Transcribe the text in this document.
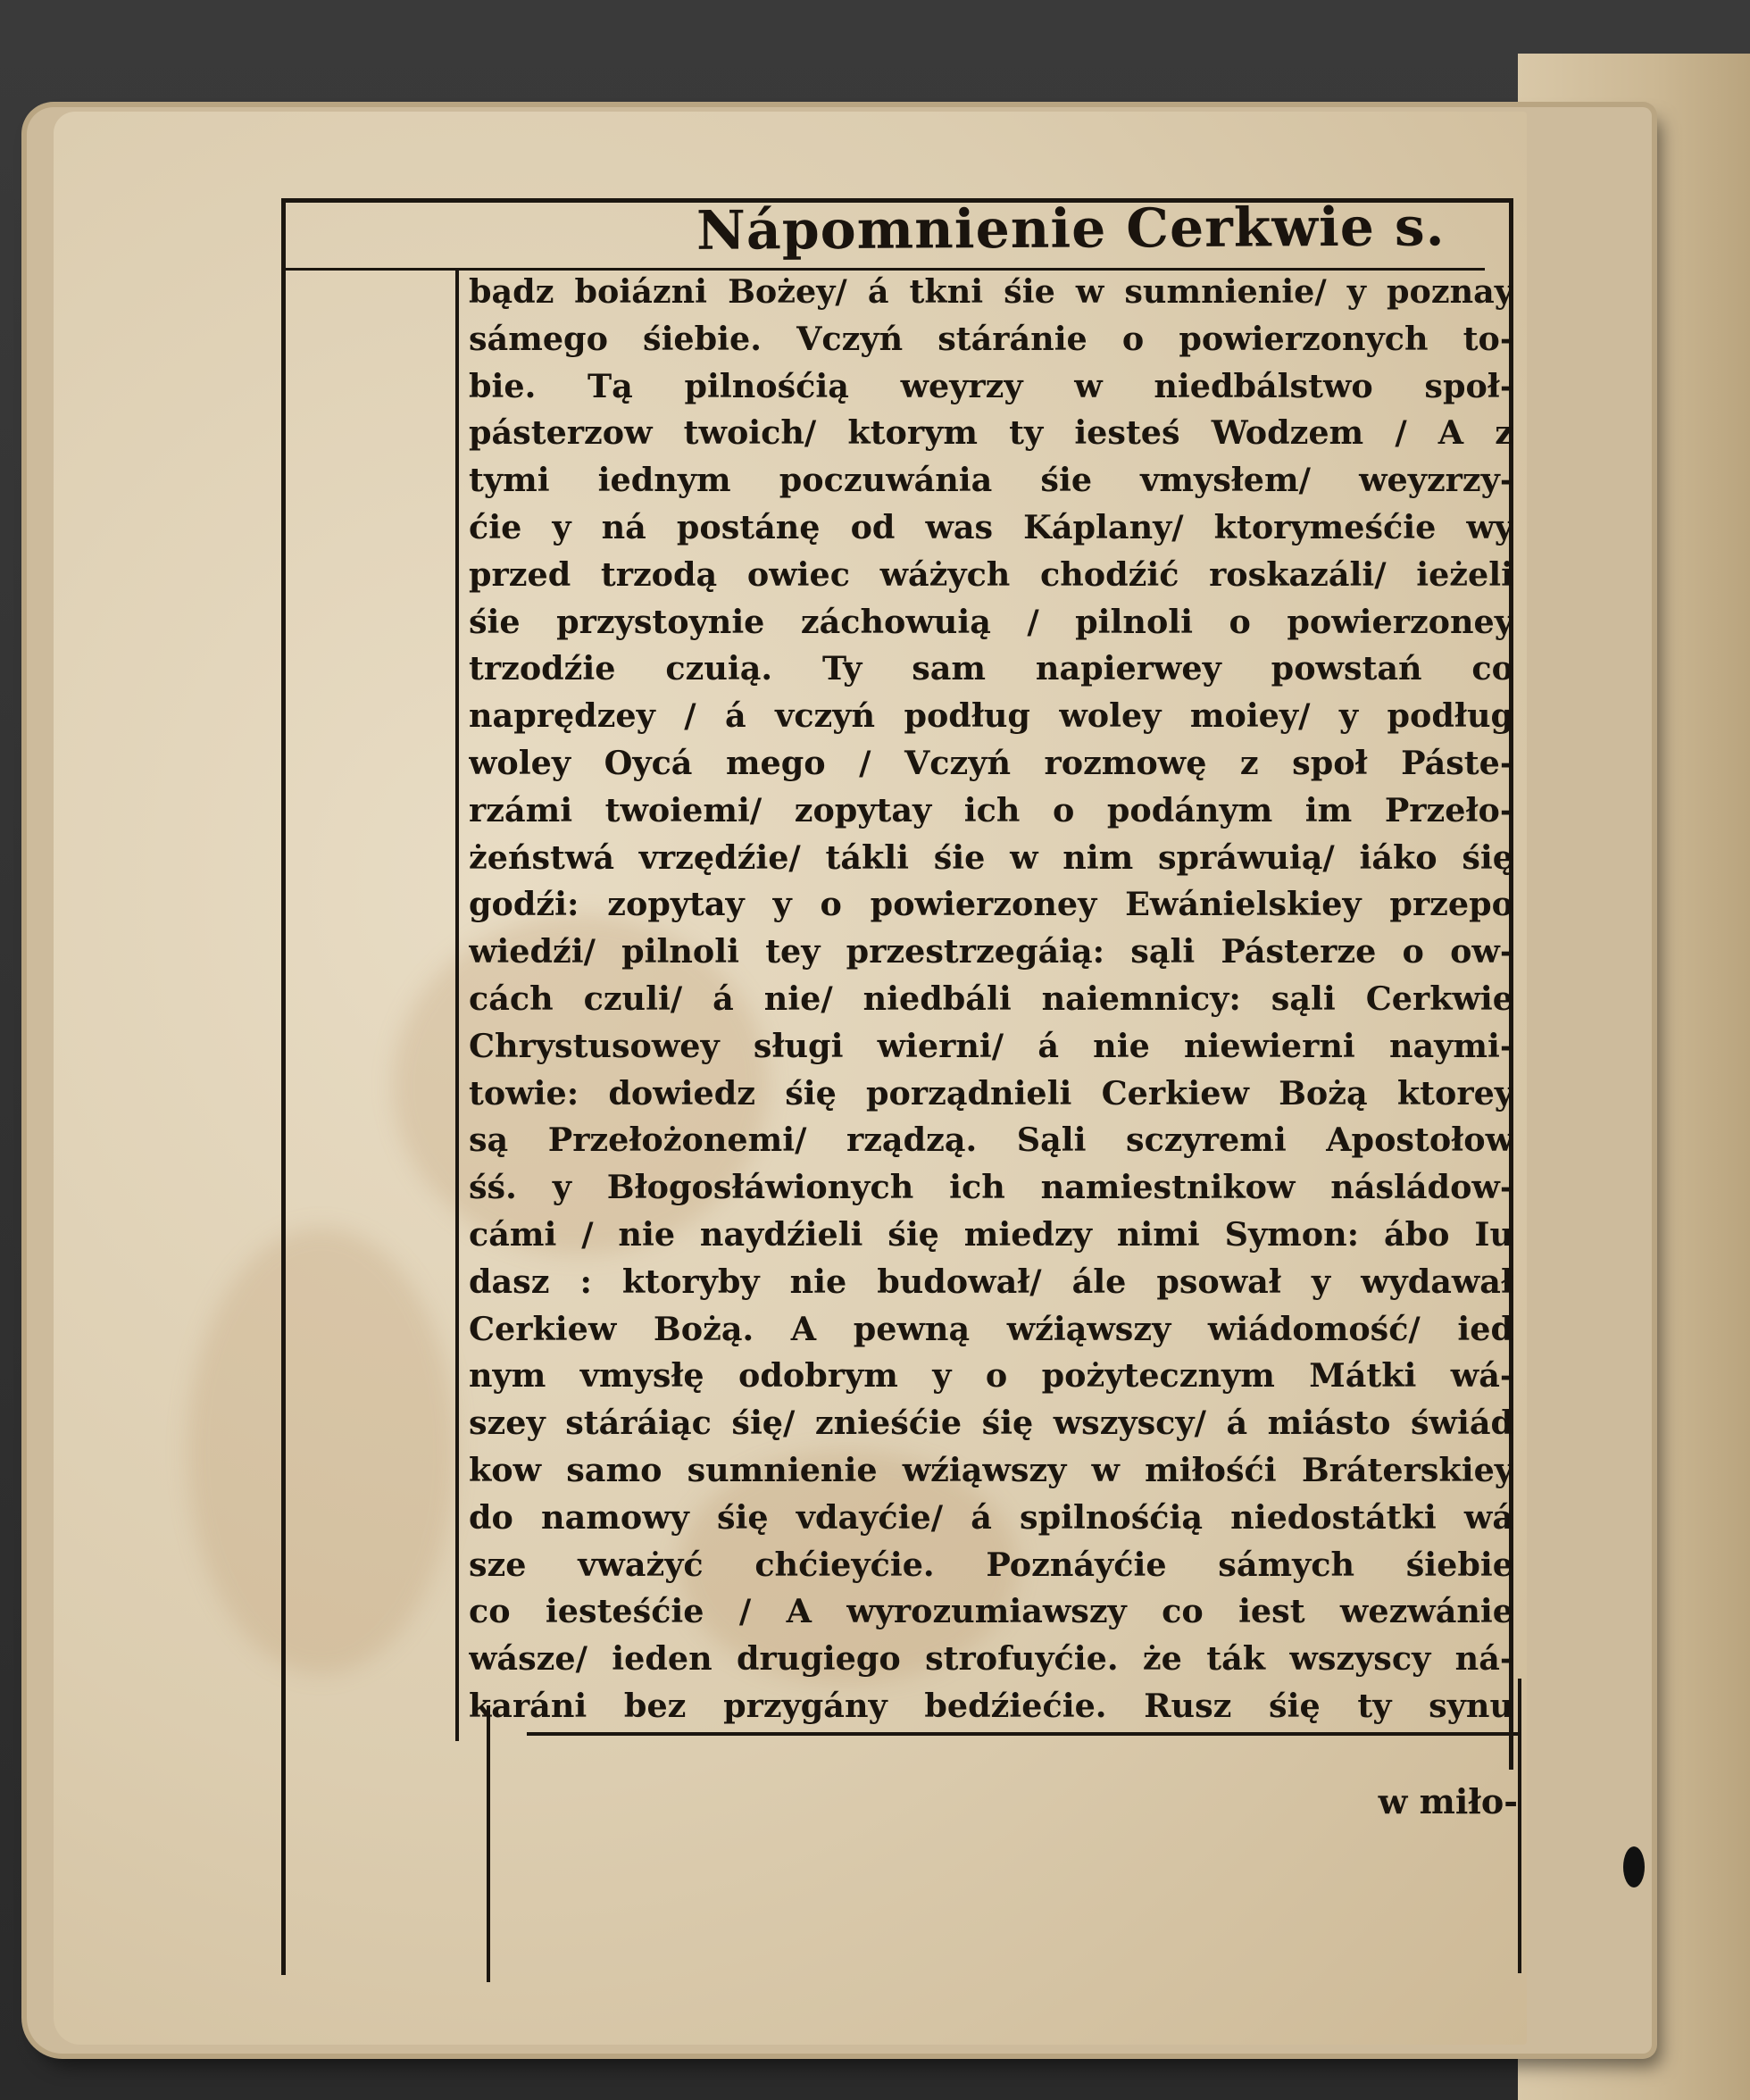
Nápomnienie Cerkwie s.
bądz boiázni Bożey/ á tkni śie w sumnienie/ y poznay
sámego śiebie. Vczyń stáránie o powierzonych to-
bie. Tą pilnośćią weyrzy w niedbálstwo społ-
pásterzow twoich/ ktorym ty iesteś Wodzem / A z
tymi iednym poczuwánia śie vmysłem/ weyzrzy-
ćie y ná postánę od was Káplany/ ktorymeśćie wy
przed trzodą owiec wáżych chodźić roskazáli/ ieżeli
śie przystoynie záchowuią / pilnoli o powierzoney
trzodźie czuią. Ty sam napierwey powstań co
naprędzey / á vczyń podług woley moiey/ y podług
woley Oycá mego / Vczyń rozmowę z społ Páste-
rzámi twoiemi/ zopytay ich o podánym im Przeło-
żeństwá vrzędźie/ tákli śie w nim spráwuią/ iáko śię
godźi: zopytay y o powierzoney Ewánielskiey przepo
wiedźi/ pilnoli tey przestrzegáią: sąli Pásterze o ow-
cách czuli/ á nie/ niedbáli naiemnicy: sąli Cerkwie
Chrystusowey sługi wierni/ á nie niewierni naymi-
towie: dowiedz śię porządnieli Cerkiew Bożą ktorey
są Przełożonemi/ rządzą. Sąli sczyremi Apostołow
śś. y Błogosłáwionych ich namiestnikow násládow-
cámi / nie naydźieli śię miedzy nimi Symon: ábo Iu
dasz : ktoryby nie budował/ ále psował y wydawał
Cerkiew Bożą. A pewną wźiąwszy wiádomość/ ied
nym vmysłę odobrym y o pożytecznym Mátki wá-
szey stáráiąc śię/ znieśćie śię wszyscy/ á miásto świád
kow samo sumnienie wźiąwszy w miłośći Bráterskiey
do namowy śię vdayćie/ á spilnośćią niedostátki wá
sze vważyć chćieyćie. Poznáyćie sámych śiebie
co iesteśćie / A wyrozumiawszy co iest wezwánie
wásze/ ieden drugiego strofuyćie. że ták wszyscy ná-
karáni bez przygány bedźiećie. Rusz śię ty synu
w miło-
